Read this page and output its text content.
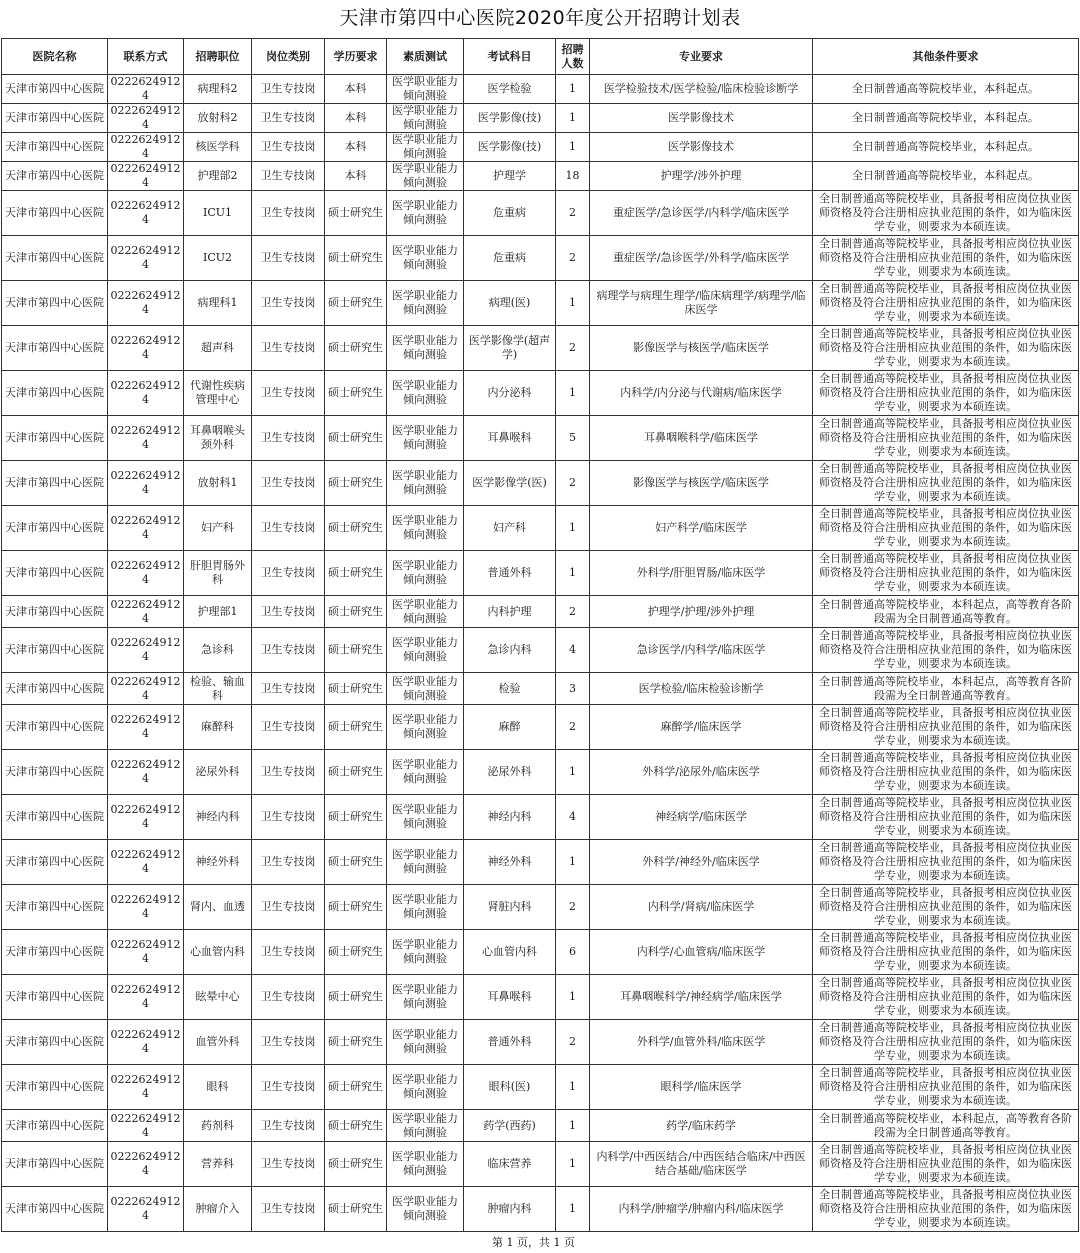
天津市第四中心医院2020年度公开招聘计划表
医院名称	联系方式	招聘职位	岗位类别	学历要求	素质测试	考试科目	招聘人数	专业要求	其他条件要求
天津市第四中心医院	02226249124	病理科2	卫生专技岗	本科	医学职业能力倾向测验	医学检验	1	医学检验技术/医学检验/临床检验诊断学	全日制普通高等院校毕业，本科起点。
天津市第四中心医院	02226249124	放射科2	卫生专技岗	本科	医学职业能力倾向测验	医学影像(技)	1	医学影像技术	全日制普通高等院校毕业，本科起点。
天津市第四中心医院	02226249124	核医学科	卫生专技岗	本科	医学职业能力倾向测验	医学影像(技)	1	医学影像技术	全日制普通高等院校毕业，本科起点。
天津市第四中心医院	02226249124	护理部2	卫生专技岗	本科	医学职业能力倾向测验	护理学	18	护理学/涉外护理	全日制普通高等院校毕业，本科起点。
天津市第四中心医院	02226249124	ICU1	卫生专技岗	硕士研究生	医学职业能力倾向测验	危重病	2	重症医学/急诊医学/内科学/临床医学	全日制普通高等院校毕业，具备报考相应岗位执业医师资格及符合注册相应执业范围的条件，如为临床医学专业，则要求为本硕连读。
天津市第四中心医院	02226249124	ICU2	卫生专技岗	硕士研究生	医学职业能力倾向测验	危重病	2	重症医学/急诊医学/外科学/临床医学	全日制普通高等院校毕业，具备报考相应岗位执业医师资格及符合注册相应执业范围的条件，如为临床医学专业，则要求为本硕连读。
天津市第四中心医院	02226249124	病理科1	卫生专技岗	硕士研究生	医学职业能力倾向测验	病理(医)	1	病理学与病理生理学/临床病理学/病理学/临床医学	全日制普通高等院校毕业，具备报考相应岗位执业医师资格及符合注册相应执业范围的条件，如为临床医学专业，则要求为本硕连读。
天津市第四中心医院	02226249124	超声科	卫生专技岗	硕士研究生	医学职业能力倾向测验	医学影像学(超声学)	2	影像医学与核医学/临床医学	全日制普通高等院校毕业，具备报考相应岗位执业医师资格及符合注册相应执业范围的条件，如为临床医学专业，则要求为本硕连读。
天津市第四中心医院	02226249124	代谢性疾病管理中心	卫生专技岗	硕士研究生	医学职业能力倾向测验	内分泌科	1	内科学/内分泌与代谢病/临床医学	全日制普通高等院校毕业，具备报考相应岗位执业医师资格及符合注册相应执业范围的条件，如为临床医学专业，则要求为本硕连读。
天津市第四中心医院	02226249124	耳鼻咽喉头颈外科	卫生专技岗	硕士研究生	医学职业能力倾向测验	耳鼻喉科	5	耳鼻咽喉科学/临床医学	全日制普通高等院校毕业，具备报考相应岗位执业医师资格及符合注册相应执业范围的条件，如为临床医学专业，则要求为本硕连读。
天津市第四中心医院	02226249124	放射科1	卫生专技岗	硕士研究生	医学职业能力倾向测验	医学影像学(医)	2	影像医学与核医学/临床医学	全日制普通高等院校毕业，具备报考相应岗位执业医师资格及符合注册相应执业范围的条件，如为临床医学专业，则要求为本硕连读。
天津市第四中心医院	02226249124	妇产科	卫生专技岗	硕士研究生	医学职业能力倾向测验	妇产科	1	妇产科学/临床医学	全日制普通高等院校毕业，具备报考相应岗位执业医师资格及符合注册相应执业范围的条件，如为临床医学专业，则要求为本硕连读。
天津市第四中心医院	02226249124	肝胆胃肠外科	卫生专技岗	硕士研究生	医学职业能力倾向测验	普通外科	1	外科学/肝胆胃肠/临床医学	全日制普通高等院校毕业，具备报考相应岗位执业医师资格及符合注册相应执业范围的条件，如为临床医学专业，则要求为本硕连读。
天津市第四中心医院	02226249124	护理部1	卫生专技岗	硕士研究生	医学职业能力倾向测验	内科护理	2	护理学/护理/涉外护理	全日制普通高等院校毕业，本科起点，高等教育各阶段需为全日制普通高等教育。
天津市第四中心医院	02226249124	急诊科	卫生专技岗	硕士研究生	医学职业能力倾向测验	急诊内科	4	急诊医学/内科学/临床医学	全日制普通高等院校毕业，具备报考相应岗位执业医师资格及符合注册相应执业范围的条件，如为临床医学专业，则要求为本硕连读。
天津市第四中心医院	02226249124	检验、输血科	卫生专技岗	硕士研究生	医学职业能力倾向测验	检验	3	医学检验/临床检验诊断学	全日制普通高等院校毕业，本科起点，高等教育各阶段需为全日制普通高等教育。
天津市第四中心医院	02226249124	麻醉科	卫生专技岗	硕士研究生	医学职业能力倾向测验	麻醉	2	麻醉学/临床医学	全日制普通高等院校毕业，具备报考相应岗位执业医师资格及符合注册相应执业范围的条件，如为临床医学专业，则要求为本硕连读。
天津市第四中心医院	02226249124	泌尿外科	卫生专技岗	硕士研究生	医学职业能力倾向测验	泌尿外科	1	外科学/泌尿外/临床医学	全日制普通高等院校毕业，具备报考相应岗位执业医师资格及符合注册相应执业范围的条件，如为临床医学专业，则要求为本硕连读。
天津市第四中心医院	02226249124	神经内科	卫生专技岗	硕士研究生	医学职业能力倾向测验	神经内科	4	神经病学/临床医学	全日制普通高等院校毕业，具备报考相应岗位执业医师资格及符合注册相应执业范围的条件，如为临床医学专业，则要求为本硕连读。
天津市第四中心医院	02226249124	神经外科	卫生专技岗	硕士研究生	医学职业能力倾向测验	神经外科	1	外科学/神经外/临床医学	全日制普通高等院校毕业，具备报考相应岗位执业医师资格及符合注册相应执业范围的条件，如为临床医学专业，则要求为本硕连读。
天津市第四中心医院	02226249124	肾内、血透	卫生专技岗	硕士研究生	医学职业能力倾向测验	肾脏内科	2	内科学/肾病/临床医学	全日制普通高等院校毕业，具备报考相应岗位执业医师资格及符合注册相应执业范围的条件，如为临床医学专业，则要求为本硕连读。
天津市第四中心医院	02226249124	心血管内科	卫生专技岗	硕士研究生	医学职业能力倾向测验	心血管内科	6	内科学/心血管病/临床医学	全日制普通高等院校毕业，具备报考相应岗位执业医师资格及符合注册相应执业范围的条件，如为临床医学专业，则要求为本硕连读。
天津市第四中心医院	02226249124	眩晕中心	卫生专技岗	硕士研究生	医学职业能力倾向测验	耳鼻喉科	1	耳鼻咽喉科学/神经病学/临床医学	全日制普通高等院校毕业，具备报考相应岗位执业医师资格及符合注册相应执业范围的条件，如为临床医学专业，则要求为本硕连读。
天津市第四中心医院	02226249124	血管外科	卫生专技岗	硕士研究生	医学职业能力倾向测验	普通外科	2	外科学/血管外科/临床医学	全日制普通高等院校毕业，具备报考相应岗位执业医师资格及符合注册相应执业范围的条件，如为临床医学专业，则要求为本硕连读。
天津市第四中心医院	02226249124	眼科	卫生专技岗	硕士研究生	医学职业能力倾向测验	眼科(医)	1	眼科学/临床医学	全日制普通高等院校毕业，具备报考相应岗位执业医师资格及符合注册相应执业范围的条件，如为临床医学专业，则要求为本硕连读。
天津市第四中心医院	02226249124	药剂科	卫生专技岗	硕士研究生	医学职业能力倾向测验	药学(西药)	1	药学/临床药学	全日制普通高等院校毕业，本科起点，高等教育各阶段需为全日制普通高等教育。
天津市第四中心医院	02226249124	营养科	卫生专技岗	硕士研究生	医学职业能力倾向测验	临床营养	1	内科学/中西医结合/中西医结合临床/中西医结合基础/临床医学	全日制普通高等院校毕业，具备报考相应岗位执业医师资格及符合注册相应执业范围的条件，如为临床医学专业，则要求为本硕连读。
天津市第四中心医院	02226249124	肿瘤介入	卫生专技岗	硕士研究生	医学职业能力倾向测验	肿瘤内科	1	内科学/肿瘤学/肿瘤内科/临床医学	全日制普通高等院校毕业，具备报考相应岗位执业医师资格及符合注册相应执业范围的条件，如为临床医学专业，则要求为本硕连读。
第 1 页，共 1 页
